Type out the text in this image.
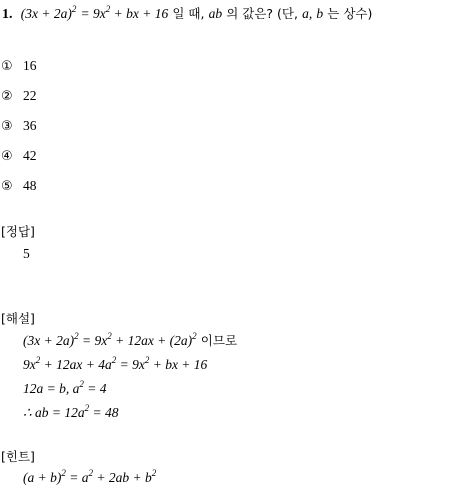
1. $(3x + 2a)^2 = 9x^2$ + bx + 16 일 때, ab 의 값은? (단, a, b 는 상수)
① 16
② 22
③ 36
④ 42
⑤ 48
[정답]
5
[해설]
$(3x + 2a)^2 = 9x^2 + 12ax + (2a)^2$ 이므로
$9x^2 + 12ax + 4a^2 = 9x^2$ + bx + 16
12a = b, $a^2 = 4$
∴ ab = $12a^2 = 48$
[힌트]
$(a + b)^2 = a^2 + 2ab + b^2$
